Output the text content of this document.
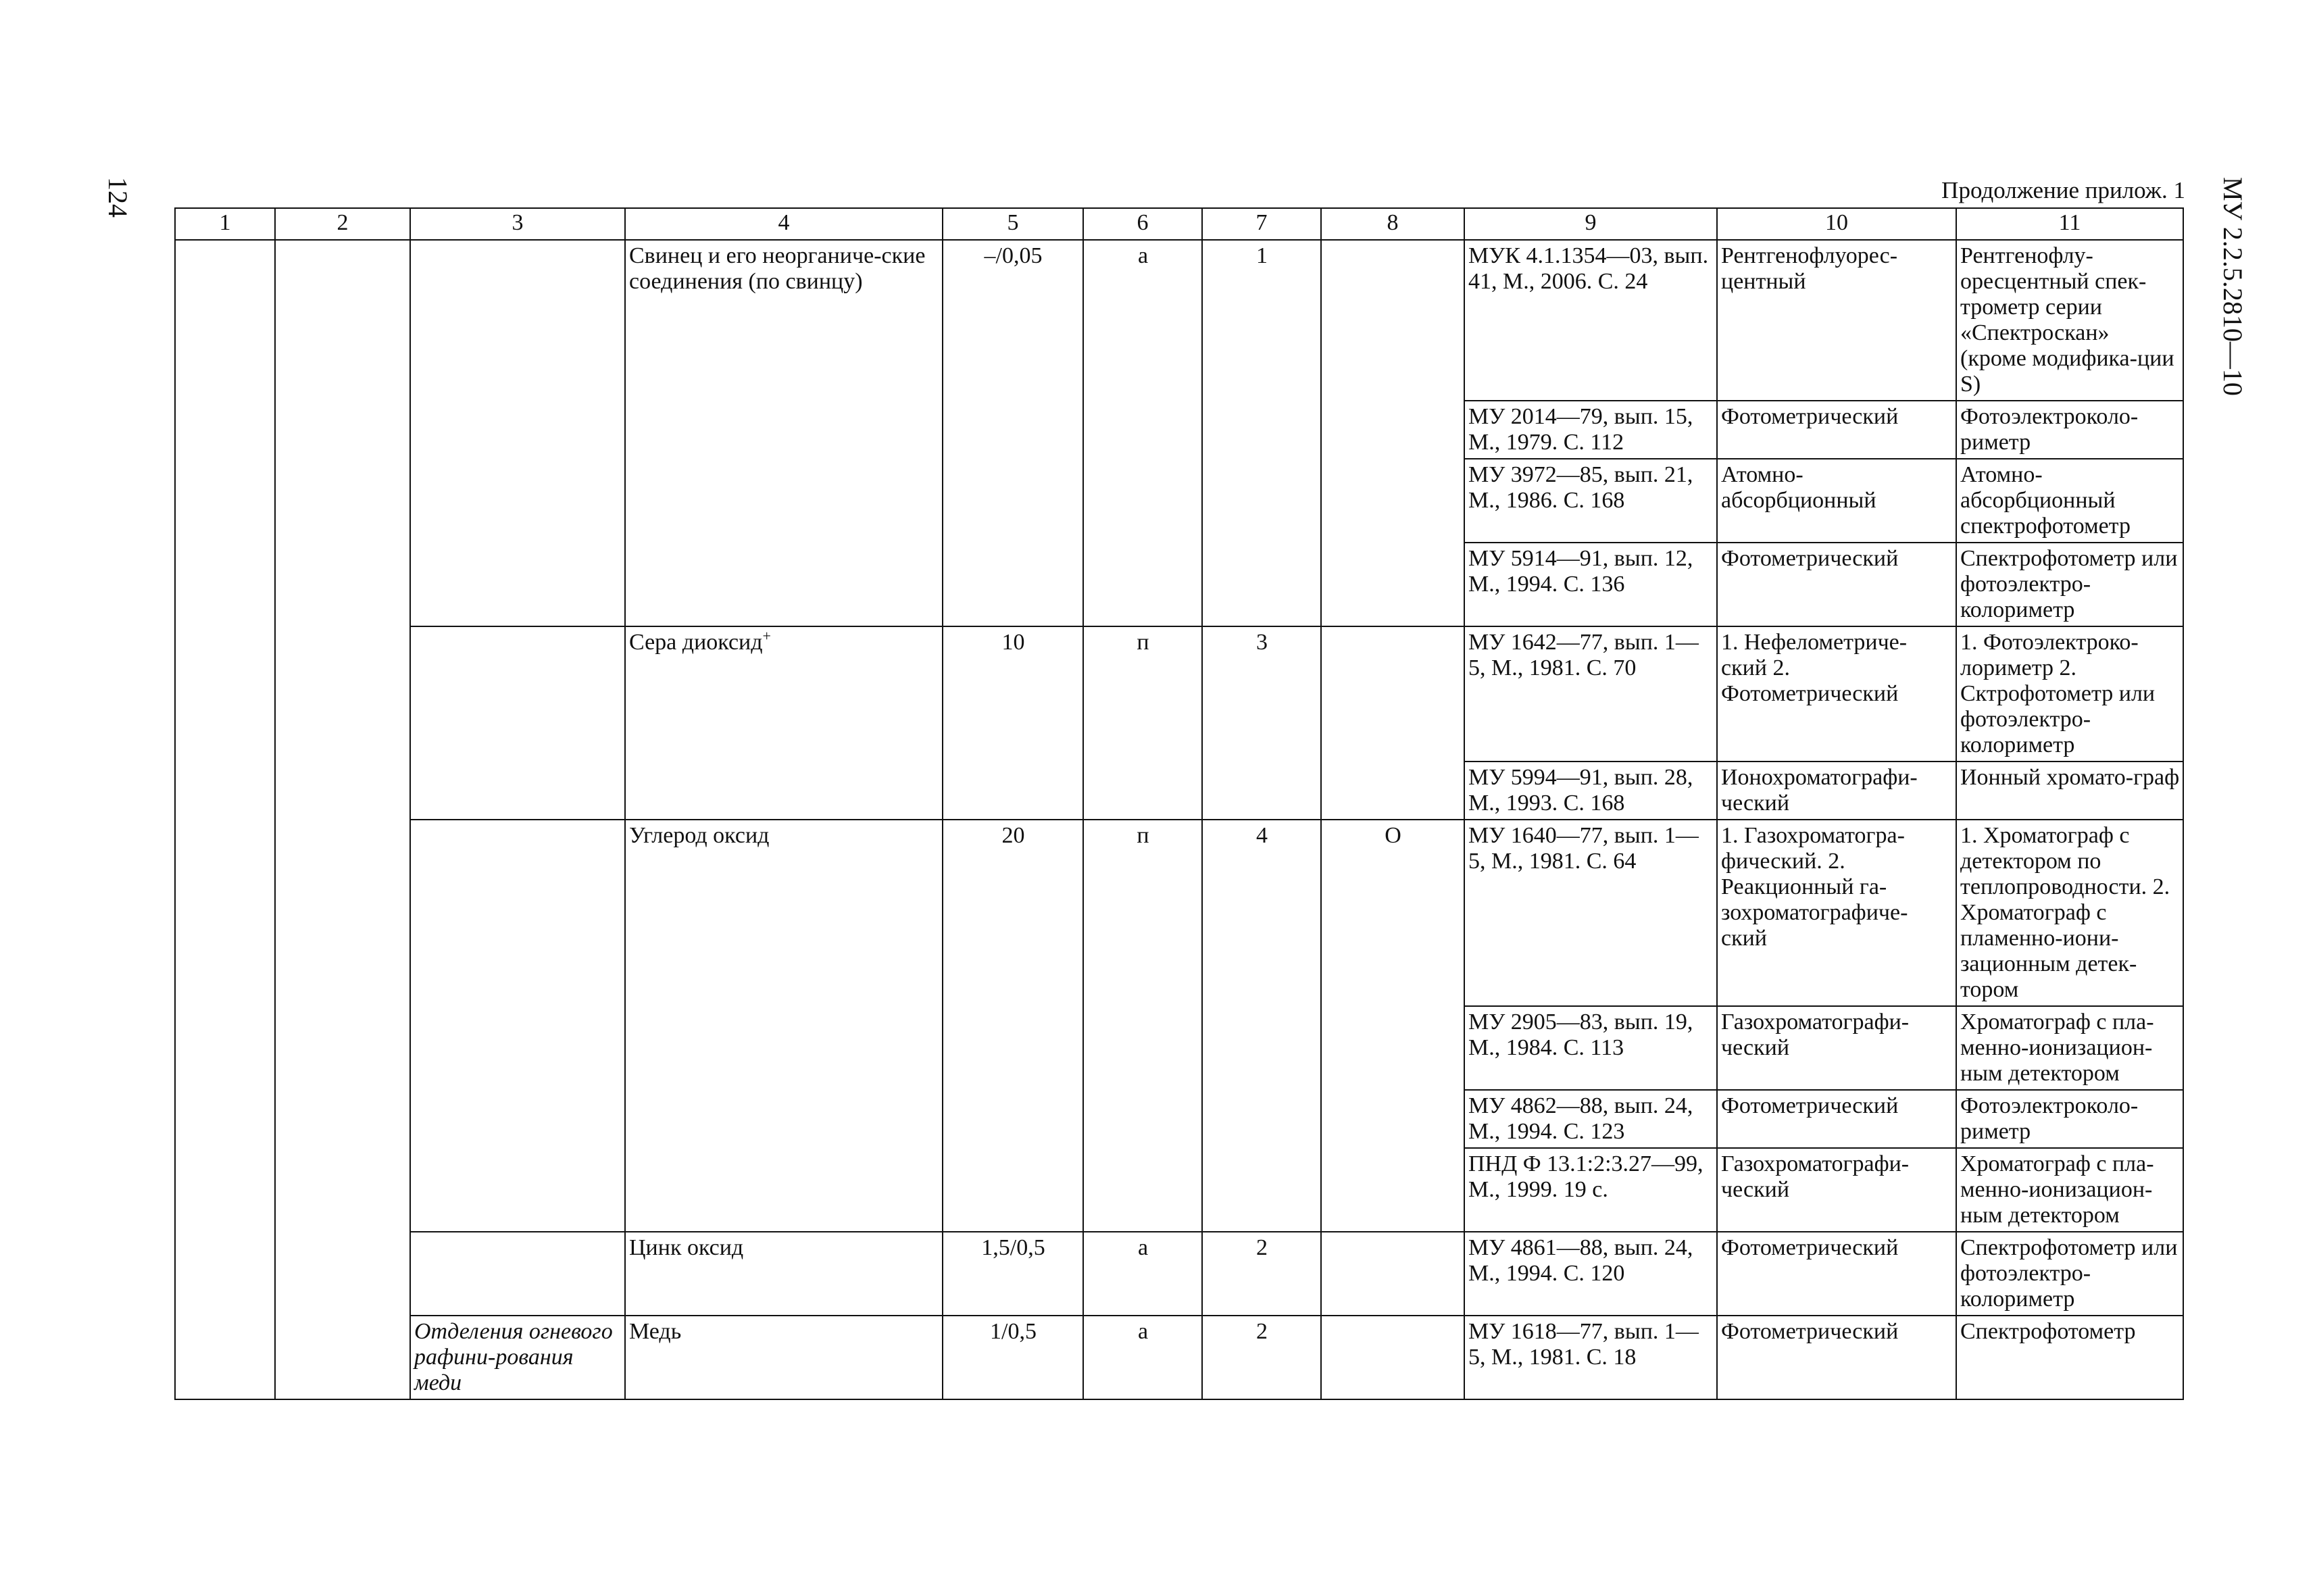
124	МУ 2.2.5.2810—10
Продолжение прилож. 1
1	2	3	4	5	6	7	8	9	10	11
			Свинец и его неорганиче-ские соединения (по свинцу)	–/0,05	а	1		МУК 4.1.1354—03, вып. 41, М., 2006. С. 24	Рентгенофлуорес-центный	Рентгенофлу-оресцентный спек-трометр серии «Спектроскан» (кроме модифика-ции S)
								МУ 2014—79, вып. 15, М., 1979. С. 112	Фотометрический	Фотоэлектроколо-риметр
								МУ 3972—85, вып. 21, М., 1986. С. 168	Атомно-абсорбционный	Атомно-абсорбционный спектрофотометр
								МУ 5914—91, вып. 12, М., 1994. С. 136	Фотометрический	Спектрофотометр или фотоэлектро-колориметр
			Сера диоксид+	10	п	3		МУ 1642—77, вып. 1—5, М., 1981. С. 70	1. Нефелометриче-ский 2. Фотометрический	1. Фотоэлектроко-лориметр 2. Сктрофотометр или фотоэлектро-колориметр
								МУ 5994—91, вып. 28, М., 1993. С. 168	Ионохроматографи-ческий	Ионный хромато-граф
			Углерод оксид	20	п	4	О	МУ 1640—77, вып. 1—5, М., 1981. С. 64	1. Газохроматогра-фический. 2. Реакционный га-зохроматографиче-ский	1. Хроматограф с детектором по теплопроводности. 2. Хроматограф с пламенно-иони-зационным детек-тором
								МУ 2905—83, вып. 19, М., 1984. С. 113	Газохроматографи-ческий	Хроматограф с пла-менно-ионизацион-ным детектором
								МУ 4862—88, вып. 24, М., 1994. С. 123	Фотометрический	Фотоэлектроколо-риметр
								ПНД Ф 13.1:2:3.27—99, М., 1999. 19 с.	Газохроматографи-ческий	Хроматограф с пла-менно-ионизацион-ным детектором
			Цинк оксид	1,5/0,5	а	2		МУ 4861—88, вып. 24, М., 1994. С. 120	Фотометрический	Спектрофотометр или фотоэлектро-колориметр
		Отделения огневого рафини-рования меди	Медь	1/0,5	а	2		МУ 1618—77, вып. 1—5, М., 1981. С. 18	Фотометрический	Спектрофотометр
